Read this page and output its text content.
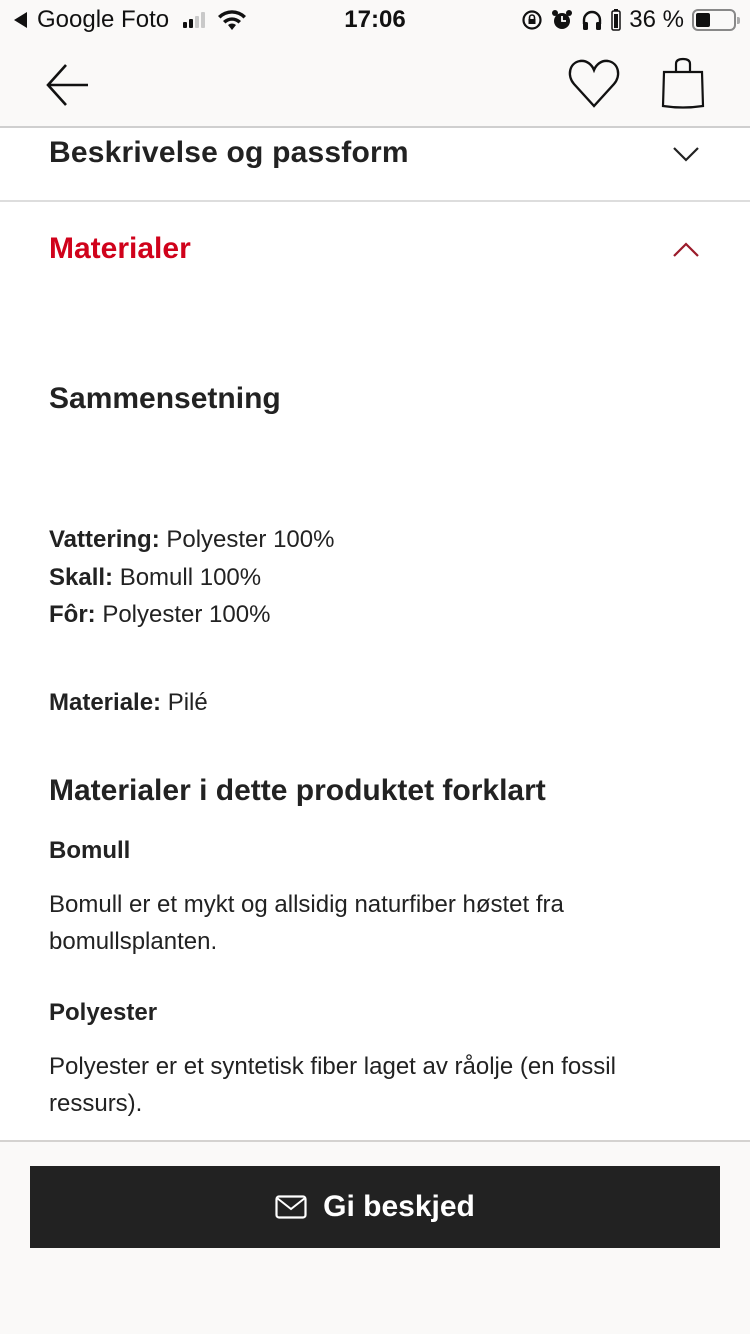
Google Foto	17:06	36 %
Beskrivelse og passform
Materialer
Sammensetning
Vattering: Polyester 100%
Skall: Bomull 100%
Fôr: Polyester 100%
Materiale: Pilé
Materialer i dette produktet forklart
Bomull
Bomull er et mykt og allsidig naturfiber høstet fra bomullsplanten.
Polyester
Polyester er et syntetisk fiber laget av råolje (en fossil ressurs).
Gi beskjed
